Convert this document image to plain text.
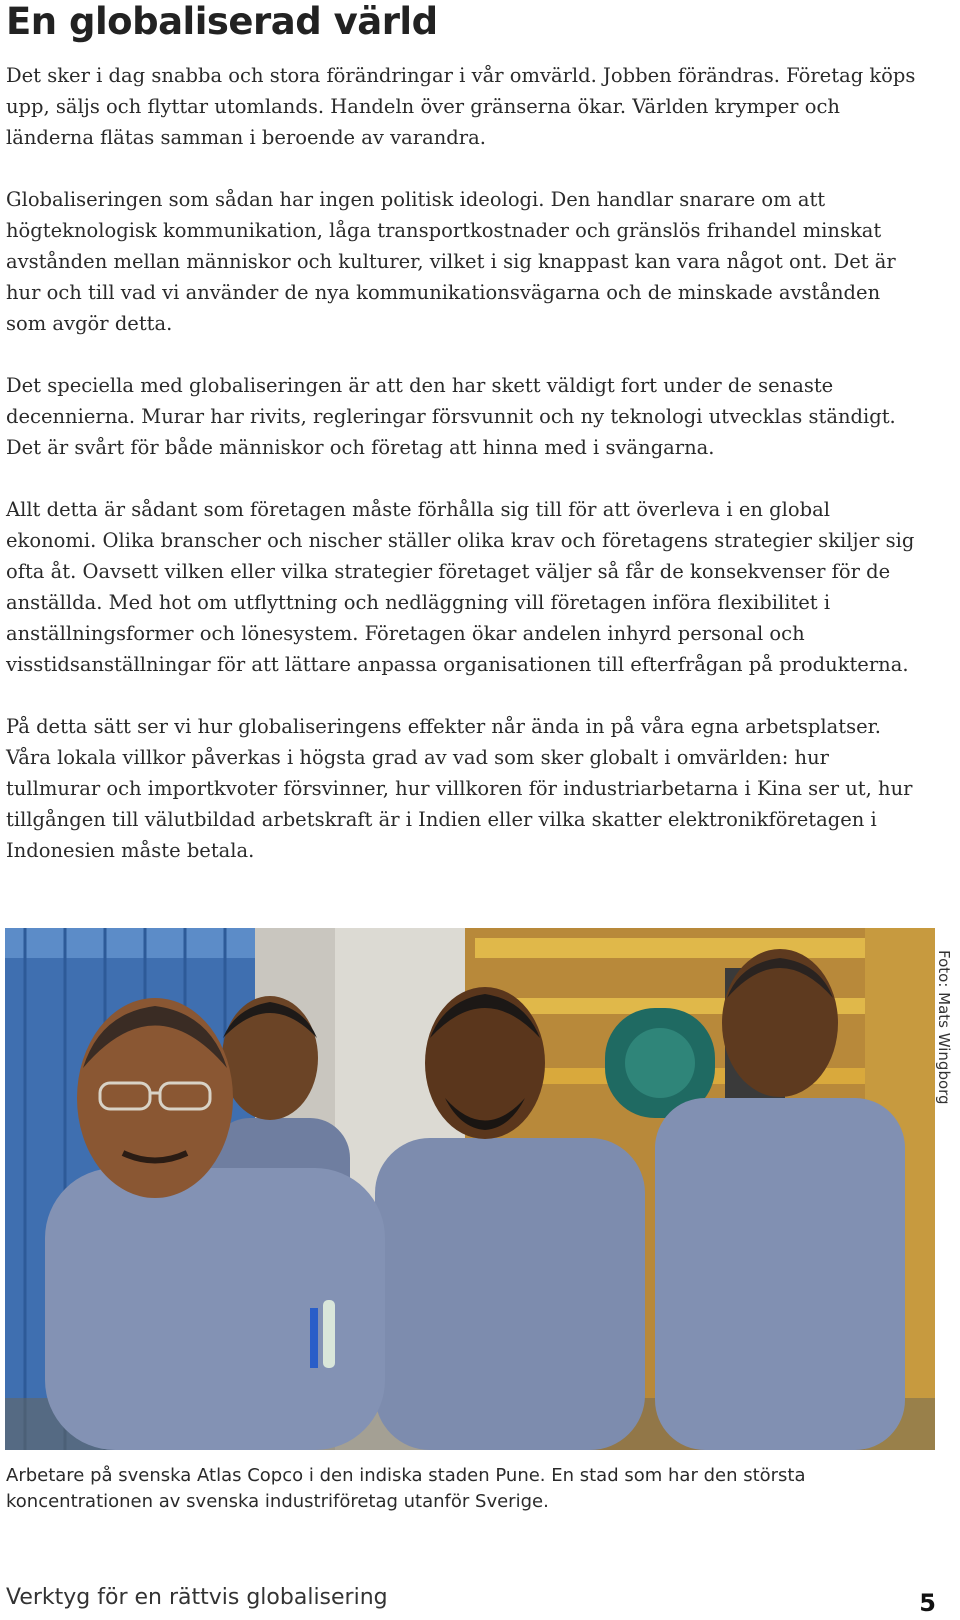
En globaliserad värld

Det sker i dag snabba och stora förändringar i vår omvärld. Jobben förändras. Företag köps upp, säljs och flyttar utomlands. Handeln över gränserna ökar. Världen krymper och länderna flätas samman i beroende av varandra.

Globaliseringen som sådan har ingen politisk ideologi. Den handlar snarare om att högteknologisk kommunikation, låga transportkostnader och gränslös frihandel minskat avstånden mellan människor och kulturer, vilket i sig knappast kan vara något ont. Det är hur och till vad vi använder de nya kommunikationsvägarna och de minskade avstånden som avgör detta.

Det speciella med globaliseringen är att den har skett väldigt fort under de senaste decennierna. Murar har rivits, regleringar försvunnit och ny teknologi utvecklas ständigt. Det är svårt för både människor och företag att hinna med i svängarna.

Allt detta är sådant som företagen måste förhålla sig till för att överleva i en global ekonomi. Olika branscher och nischer ställer olika krav och företagens strategier skiljer sig ofta åt. Oavsett vilken eller vilka strategier företaget väljer så får de konsekvenser för de anställda. Med hot om utflyttning och nedläggning vill företagen införa flexibilitet i anställningsformer och lönesystem. Företagen ökar andelen inhyrd personal och visstidsanställningar för att lättare anpassa organisationen till efterfrågan på produkterna.

På detta sätt ser vi hur globaliseringens effekter når ända in på våra egna arbetsplatser. Våra lokala villkor påverkas i högsta grad av vad som sker globalt i omvärlden: hur tullmurar och importkvoter försvinner, hur villkoren för industriarbetarna i Kina ser ut, hur tillgången till välutbildad arbetskraft är i Indien eller vilka skatter elektronikföretagen i Indonesien måste betala.

Foto: Mats Wingborg
Arbetare på svenska Atlas Copco i den indiska staden Pune. En stad som har den största koncentrationen av svenska industriföretag utanför Sverige.
Verktyg för en rättvis globalisering	5
